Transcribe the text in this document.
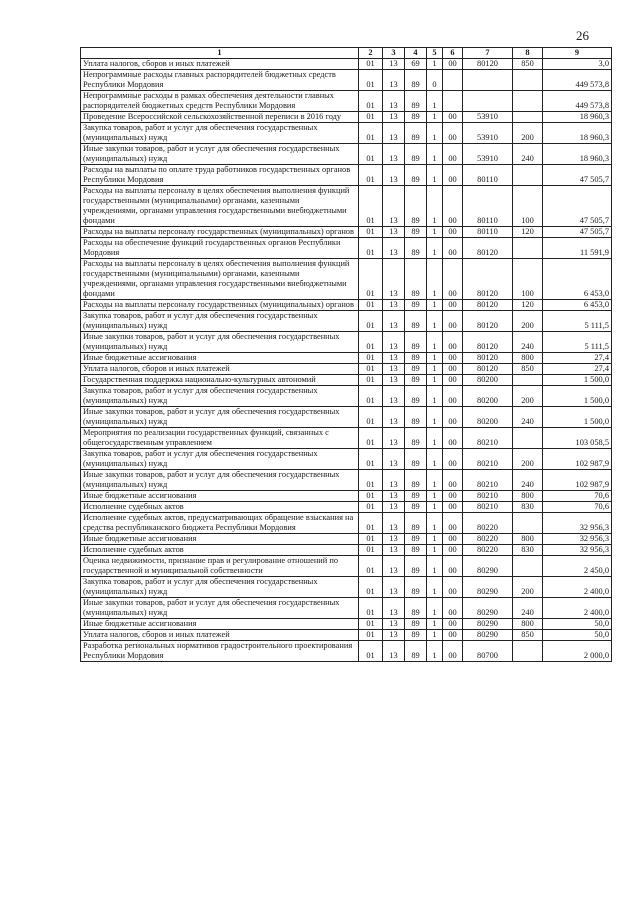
26
1	2	3	4	5	6	7	8	9
Уплата налогов, сборов и иных платежей	01	13	69	1	00	80120	850	3,0
Непрограммные расходы главных распорядителей бюджетных средств Республики Мордовия	01	13	89	0				449 573,8
Непрограммные расходы в рамках обеспечения деятельности главных распорядителей бюджетных средств Республики Мордовия	01	13	89	1				449 573,8
Проведение Всероссийской сельскохозяйственной переписи в 2016 году	01	13	89	1	00	53910		18 960,3
Закупка товаров, работ и услуг для обеспечения государственных (муниципальных) нужд	01	13	89	1	00	53910	200	18 960,3
Иные закупки товаров, работ и услуг для обеспечения государственных (муниципальных) нужд	01	13	89	1	00	53910	240	18 960,3
Расходы на выплаты по оплате труда работников государственных органов Республики Мордовия	01	13	89	1	00	80110		47 505,7
Расходы на выплаты персоналу в целях обеспечения выполнения функций государственными (муниципальными) органами, казенными учреждениями, органами управления государственными внебюджетными фондами	01	13	89	1	00	80110	100	47 505,7
Расходы на выплаты персоналу государственных (муниципальных) органов	01	13	89	1	00	80110	120	47 505,7
Расходы на обеспечение функций государственных органов Республики Мордовия	01	13	89	1	00	80120		11 591,9
Расходы на выплаты персоналу в целях обеспечения выполнения функций государственными (муниципальными) органами, казенными учреждениями, органами управления государственными внебюджетными фондами	01	13	89	1	00	80120	100	6 453,0
Расходы на выплаты персоналу государственных (муниципальных) органов	01	13	89	1	00	80120	120	6 453,0
Закупка товаров, работ и услуг для обеспечения государственных (муниципальных) нужд	01	13	89	1	00	80120	200	5 111,5
Иные закупки товаров, работ и услуг для обеспечения государственных (муниципальных) нужд	01	13	89	1	00	80120	240	5 111,5
Иные бюджетные ассигнования	01	13	89	1	00	80120	800	27,4
Уплата налогов, сборов и иных платежей	01	13	89	1	00	80120	850	27,4
Государственная поддержка национально-культурных автономий	01	13	89	1	00	80200		1 500,0
Закупка товаров, работ и услуг для обеспечения государственных (муниципальных) нужд	01	13	89	1	00	80200	200	1 500,0
Иные закупки товаров, работ и услуг для обеспечения государственных (муниципальных) нужд	01	13	89	1	00	80200	240	1 500,0
Мероприятия по реализации государственных функций, связанных с общегосударственным управлением	01	13	89	1	00	80210		103 058,5
Закупка товаров, работ и услуг для обеспечения государственных (муниципальных) нужд	01	13	89	1	00	80210	200	102 987,9
Иные закупки товаров, работ и услуг для обеспечения государственных (муниципальных) нужд	01	13	89	1	00	80210	240	102 987,9
Иные бюджетные ассигнования	01	13	89	1	00	80210	800	70,6
Исполнение судебных актов	01	13	89	1	00	80210	830	70,6
Исполнение судебных актов, предусматривающих обращение взыскания на средства республиканского бюджета Республики Мордовия	01	13	89	1	00	80220		32 956,3
Иные бюджетные ассигнования	01	13	89	1	00	80220	800	32 956,3
Исполнение судебных актов	01	13	89	1	00	80220	830	32 956,3
Оценка недвижимости, признание прав и регулирование отношений по государственной и муниципальной собственности	01	13	89	1	00	80290		2 450,0
Закупка товаров, работ и услуг для обеспечения государственных (муниципальных) нужд	01	13	89	1	00	80290	200	2 400,0
Иные закупки товаров, работ и услуг для обеспечения государственных (муниципальных) нужд	01	13	89	1	00	80290	240	2 400,0
Иные бюджетные ассигнования	01	13	89	1	00	80290	800	50,0
Уплата налогов, сборов и иных платежей	01	13	89	1	00	80290	850	50,0
Разработка региональных нормативов градостроительного проектирования Республики Мордовия	01	13	89	1	00	80700		2 000,0
